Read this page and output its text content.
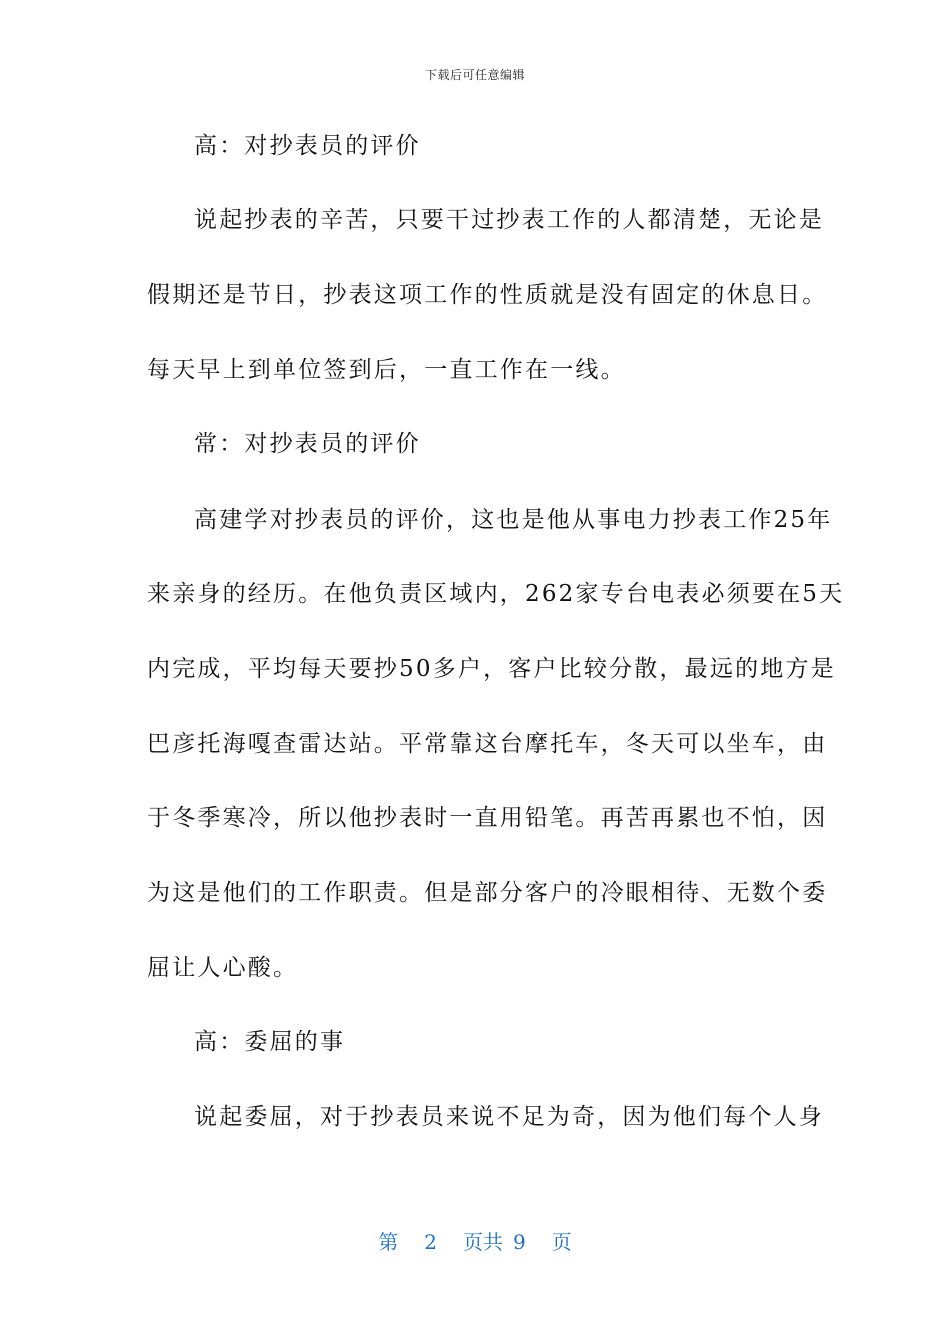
下载后可任意编辑
高：对抄表员的评价
说起抄表的辛苦，只要干过抄表工作的人都清楚，无论是
假期还是节日，抄表这项工作的性质就是没有固定的休息日。
每天早上到单位签到后，一直工作在一线。
常：对抄表员的评价
高建学对抄表员的评价，这也是他从事电力抄表工作25年
来亲身的经历。在他负责区域内，262家专台电表必须要在5天
内完成，平均每天要抄50多户，客户比较分散，最远的地方是
巴彦托海嘎查雷达站。平常靠这台摩托车，冬天可以坐车，由
于冬季寒冷，所以他抄表时一直用铅笔。再苦再累也不怕，因
为这是他们的工作职责。但是部分客户的冷眼相待、无数个委
屈让人心酸。
高：委屈的事
说起委屈，对于抄表员来说不足为奇，因为他们每个人身
第 2 页共 9 页
